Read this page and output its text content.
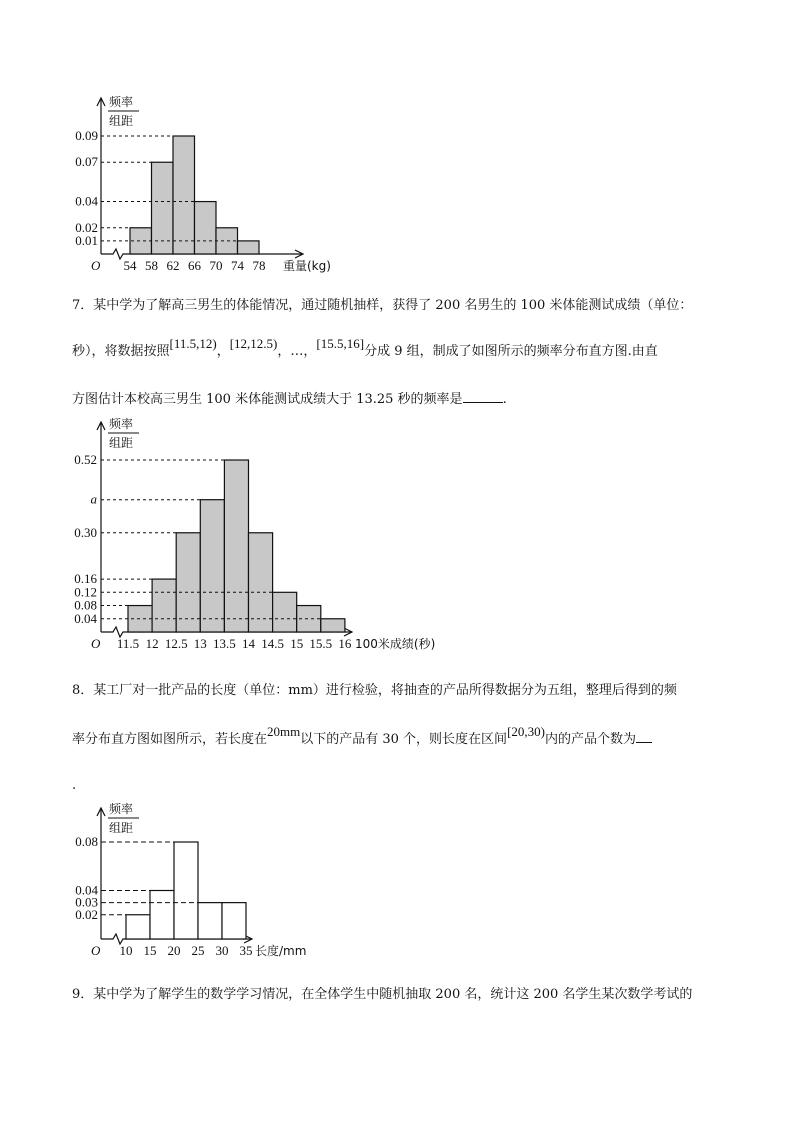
频率
组距
O
0.09
0.07
0.04
0.02
0.01
54 58 62 66 70 74 78 重量(kg)
7．某中学为了解高三男生的体能情况，通过随机抽样，获得了 200 名男生的 100 米体能测试成绩（单位：
秒），将数据按照[11.5,12)，[12,12.5)，…，[15.5,16]分成 9 组，制成了如图所示的频率分布直方图.由直
方图估计本校高三男生 100 米体能测试成绩大于 13.25 秒的频率是	.
频率
组距
O
0.52
a
0.30
0.16
0.12
0.08
0.04
11.5 12 12.5 13 13.5 14 14.5 15 15.5 16 100米成绩(秒)
8．某工厂对一批产品的长度（单位：mm）进行检验，将抽查的产品所得数据分为五组，整理后得到的频
率分布直方图如图所示，若长度在20mm以下的产品有 30 个，则长度在区间[20,30)内的产品个数为
.
频率
组距
O
0.08
0.04
0.03
0.02
10 15 20 25 30 35 长度/mm
9．某中学为了解学生的数学学习情况，在全体学生中随机抽取 200 名，统计这 200 名学生某次数学考试的
